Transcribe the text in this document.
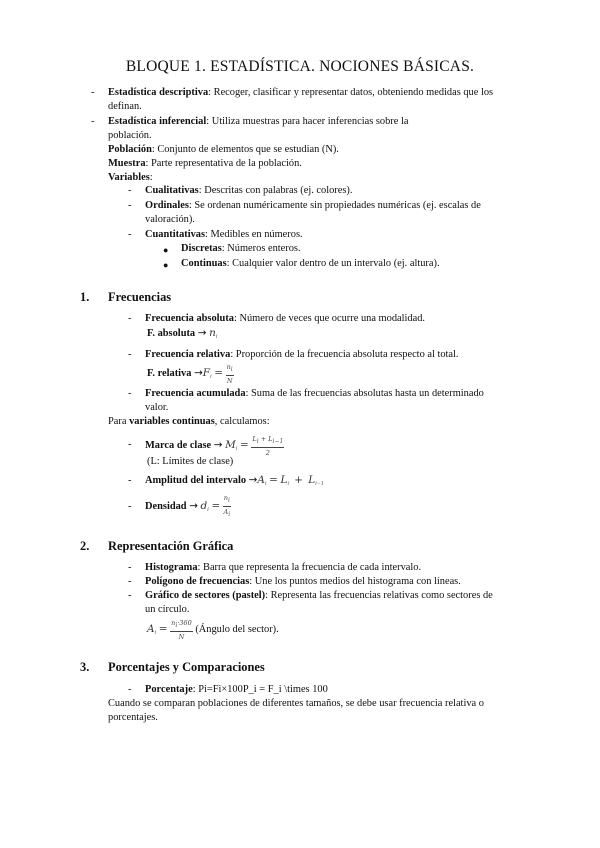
BLOQUE 1. ESTADÍSTICA. NOCIONES BÁSICAS.
- Estadística descriptiva: Recoger, clasificar y representar datos, obteniendo medidas que los
definan.
- Estadística inferencial: Utiliza muestras para hacer inferencias sobre la
población.
Población: Conjunto de elementos que se estudian (N).
Muestra: Parte representativa de la población.
Variables:
- Cualitativas: Descritas con palabras (ej. colores).
- Ordinales: Se ordenan numéricamente sin propiedades numéricas (ej. escalas de
valoración).
- Cuantitativas: Medibles en números.
● Discretas: Números enteros.
● Continuas: Cualquier valor dentro de un intervalo (ej. altura).
1. Frecuencias
- Frecuencia absoluta: Número de veces que ocurre una modalidad.
F. absoluta → $n_i$
- Frecuencia relativa: Proporción de la frecuencia absoluta respecto al total.
F. relativa $\to F_i = \frac{ni}{N}$
- Frecuencia acumulada: Suma de las frecuencias absolutas hasta un determinado
valor.
Para variables continuas, calculamos:
- Marca de clase → $M_i = \frac{Li + Li-1}{2}$
(L: Límites de clase)
- Amplitud del intervalo $\to A_i = L_i + L_{i-1}$
- Densidad → $d_i = \frac{ni}{Ai}$
2. Representación Gráfica
- Histograma: Barra que representa la frecuencia de cada intervalo.
- Polígono de frecuencias: Une los puntos medios del histograma con líneas.
- Gráfico de sectores (pastel): Representa las frecuencias relativas como sectores de
un círculo.
$A_i = \frac{ni\cdot 360}{N}$ (Ángulo del sector).
3. Porcentajes y Comparaciones
- Porcentaje: Pi=Fi×100P_i = F_i \times 100
Cuando se comparan poblaciones de diferentes tamaños, se debe usar frecuencia relativa o
porcentajes.
